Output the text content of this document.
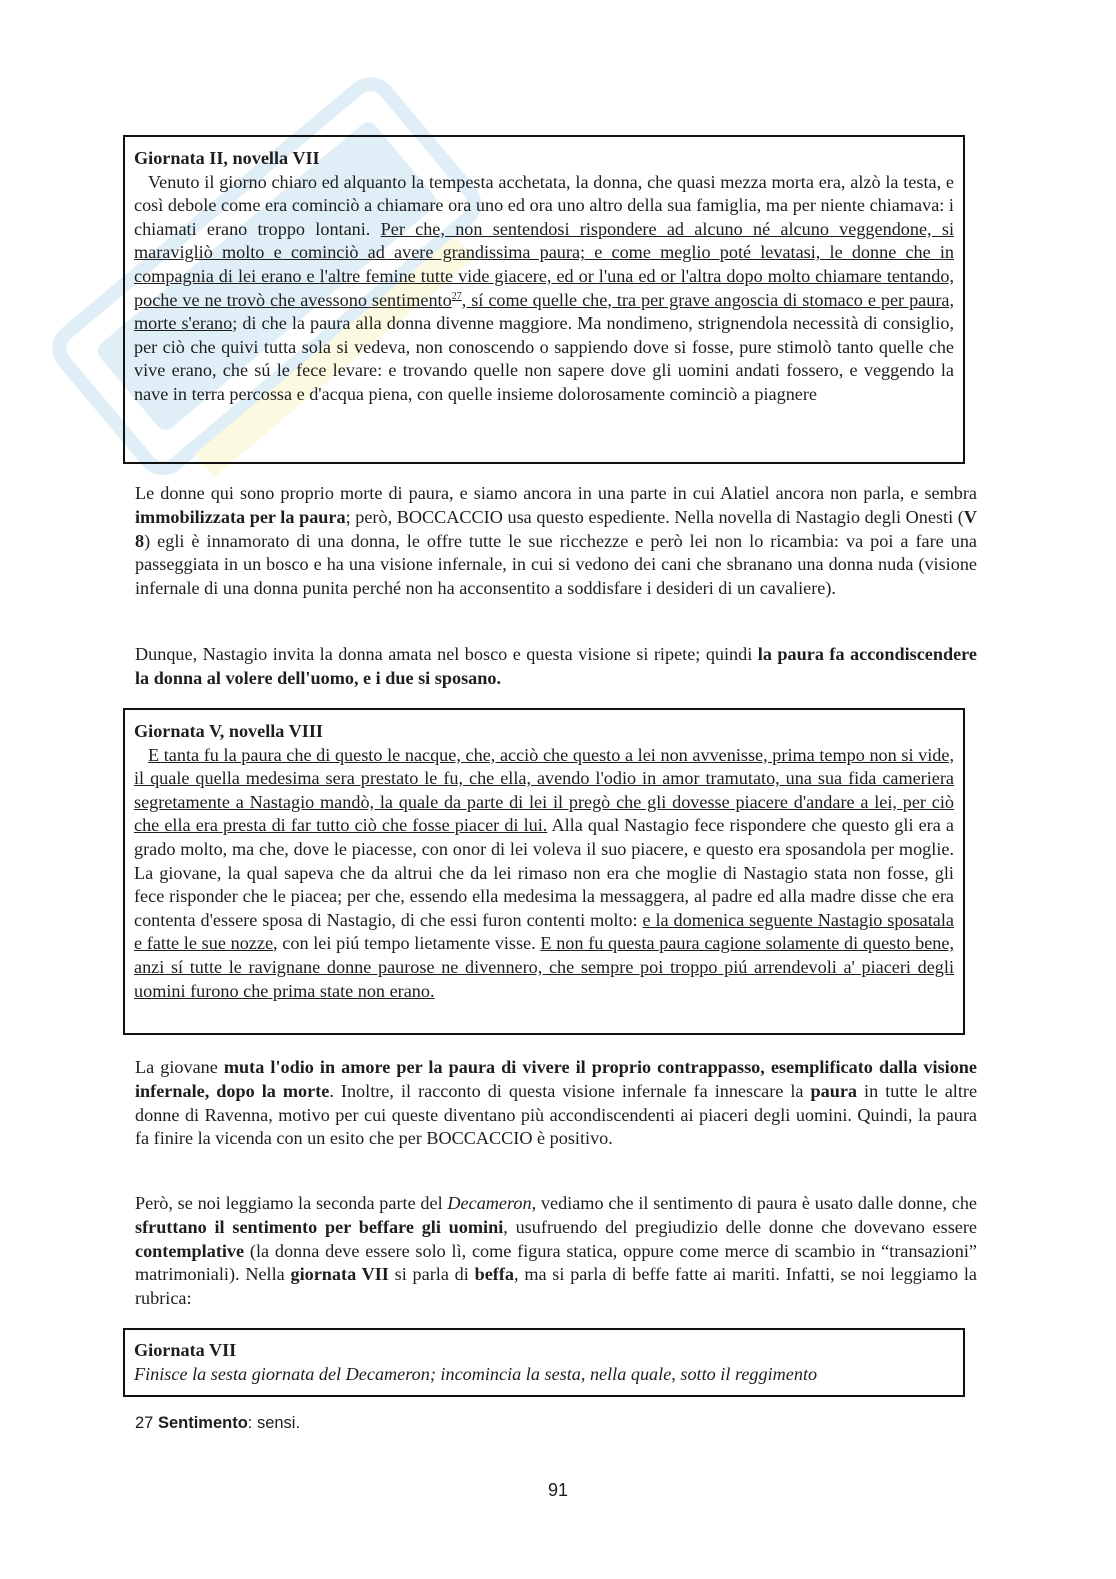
Giornata II, novella VII
Venuto il giorno chiaro ed alquanto la tempesta acchetata, la donna, che quasi mezza morta era, alzò la testa, e così debole come era cominciò a chiamare ora uno ed ora uno altro della sua famiglia, ma per niente chiamava: i chiamati erano troppo lontani. Per che, non sentendosi rispondere ad alcuno né alcuno veggendone, si maravigliò molto e cominciò ad avere grandissima paura; e come meglio poté levatasi, le donne che in compagnia di lei erano e l'altre femine tutte vide giacere, ed or l'una ed or l'altra dopo molto chiamare tentando, poche ve ne trovò che avessono sentimento$^{27}$, sí come quelle che, tra per grave angoscia di stomaco e per paura, morte s'erano; di che la paura alla donna divenne maggiore. Ma nondimeno, strignendola necessità di consiglio, per ciò che quivi tutta sola si vedeva, non conoscendo o sappiendo dove si fosse, pure stimolò tanto quelle che vive erano, che sú le fece levare: e trovando quelle non sapere dove gli uomini andati fossero, e veggendo la nave in terra percossa e d'acqua piena, con quelle insieme dolorosamente cominciò a piagnere
Le donne qui sono proprio morte di paura, e siamo ancora in una parte in cui Alatiel ancora non parla, e sembra immobilizzata per la paura; però, BOCCACCIO usa questo espediente. Nella novella di Nastagio degli Onesti (V 8) egli è innamorato di una donna, le offre tutte le sue ricchezze e però lei non lo ricambia: va poi a fare una passeggiata in un bosco e ha una visione infernale, in cui si vedono dei cani che sbranano una donna nuda (visione infernale di una donna punita perché non ha acconsentito a soddisfare i desideri di un cavaliere).
Dunque, Nastagio invita la donna amata nel bosco e questa visione si ripete; quindi la paura fa accondiscendere la donna al volere dell'uomo, e i due si sposano.
Giornata V, novella VIII
E tanta fu la paura che di questo le nacque, che, acciò che questo a lei non avvenisse, prima tempo non si vide, il quale quella medesima sera prestato le fu, che ella, avendo l'odio in amor tramutato, una sua fida cameriera segretamente a Nastagio mandò, la quale da parte di lei il pregò che gli dovesse piacere d'andare a lei, per ciò che ella era presta di far tutto ciò che fosse piacer di lui. Alla qual Nastagio fece rispondere che questo gli era a grado molto, ma che, dove le piacesse, con onor di lei voleva il suo piacere, e questo era sposandola per moglie. La giovane, la qual sapeva che da altrui che da lei rimaso non era che moglie di Nastagio stata non fosse, gli fece risponder che le piacea; per che, essendo ella medesima la messaggera, al padre ed alla madre disse che era contenta d'essere sposa di Nastagio, di che essi furon contenti molto: e la domenica seguente Nastagio sposatala e fatte le sue nozze, con lei piú tempo lietamente visse. E non fu questa paura cagione solamente di questo bene, anzi sí tutte le ravignane donne paurose ne divennero, che sempre poi troppo piú arrendevoli a' piaceri degli uomini furono che prima state non erano.
La giovane muta l'odio in amore per la paura di vivere il proprio contrappasso, esemplificato dalla visione infernale, dopo la morte. Inoltre, il racconto di questa visione infernale fa innescare la paura in tutte le altre donne di Ravenna, motivo per cui queste diventano più accondiscendenti ai piaceri degli uomini. Quindi, la paura fa finire la vicenda con un esito che per BOCCACCIO è positivo.
Però, se noi leggiamo la seconda parte del Decameron, vediamo che il sentimento di paura è usato dalle donne, che sfruttano il sentimento per beffare gli uomini, usufruendo del pregiudizio delle donne che dovevano essere contemplative (la donna deve essere solo lì, come figura statica, oppure come merce di scambio in “transazioni” matrimoniali). Nella giornata VII si parla di beffa, ma si parla di beffe fatte ai mariti. Infatti, se noi leggiamo la rubrica:
Giornata VII
Finisce la sesta giornata del Decameron; incomincia la sesta, nella quale, sotto il reggimento
27 Sentimento: sensi.
91
